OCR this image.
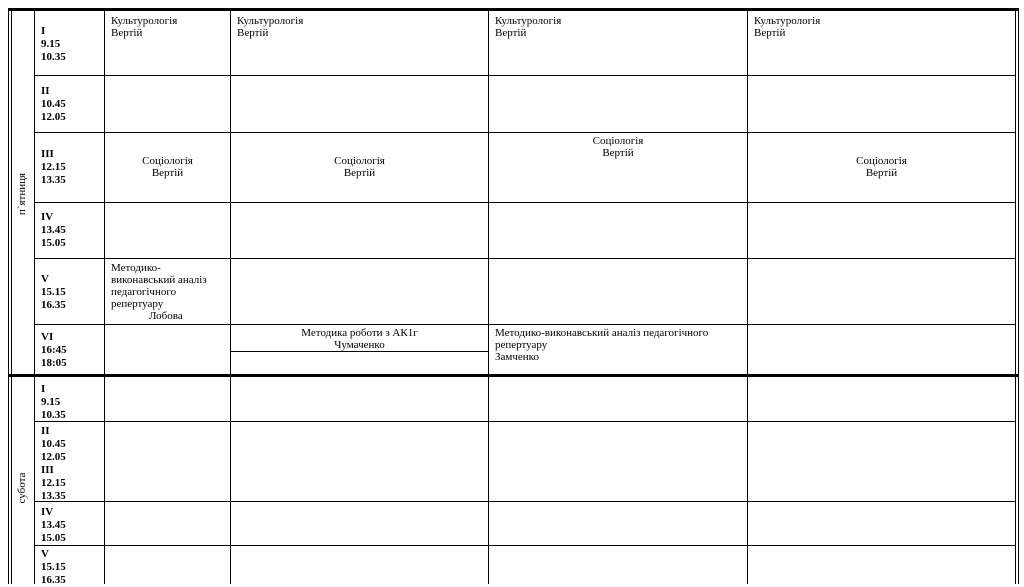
п`ятниця
субота
I
9.15
10.35
II
10.45
12.05
III
12.15
13.35
IV
13.45
15.05
V
15.15
16.35
VI
16:45
18:05
Культурологія
Вертій
Культурологія
Вертій
Культурологія
Вертій
Культурологія
Вертій
Соціологія
Вертій
Соціологія
Вертій
Соціологія
Вертій
Соціологія
Вертій
Методико-
виконавський аналіз
педагогічного
репертуару
Лобова
Методика роботи з АК1г
Чумаченко
Методико-виконавський аналіз педагогічного
репертуару
Замченко
I
9.15
10.35
II
10.45
12.05
III
12.15
13.35
IV
13.45
15.05
V
15.15
16.35
